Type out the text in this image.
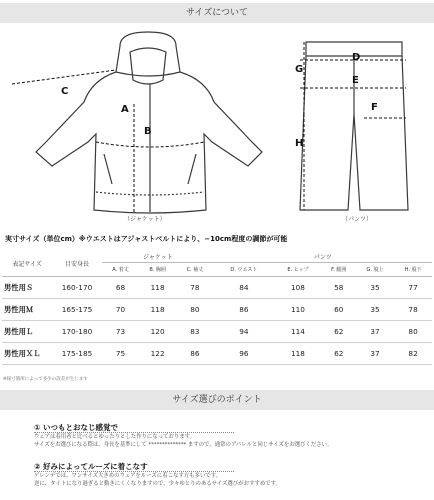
サイズについて
C
A
B
（ジャケット）
G
D
E
F
H
（パンツ）
実寸サイズ（単位cm）※ウエストはアジャストベルトにより、−10cm程度の調節が可能
表記サイズ	目安身長	ジャケット			パンツ				
		A. 着丈	B. 胸囲	C. 袖丈	D. ウエスト	E. ヒップ	F. 腿囲	G. 股上	H. 股下
男性用Ｓ	160-170	68	118	78	84	108	58	35	77
男性用Ｍ	165-175	70	118	80	86	110	60	35	78
男性用Ｌ	170-180	73	120	83	94	114	62	37	80
男性用ＸＬ	175-185	75	122	86	96	118	62	37	82
※採寸箇所によって多少の誤差が生じます
サイズ選びのポイント
① いつもとおなじ感覚で
ウェアは着用者と比べるとゆったりとした作りになっております。
サイズをお選びになる際は、身長を基準にして ************** ますので、通常のアパレルと同じサイズをお選びください。
② 好みによってルーズに着こなす
ゲレンデでは、ワンサイズ大きめのウェアをルーズに着こなす方も多いです。
逆に、タイトになり過ぎると動きにくくなりますので、少々ゆとりのあるサイズ選びがおすすめです。
